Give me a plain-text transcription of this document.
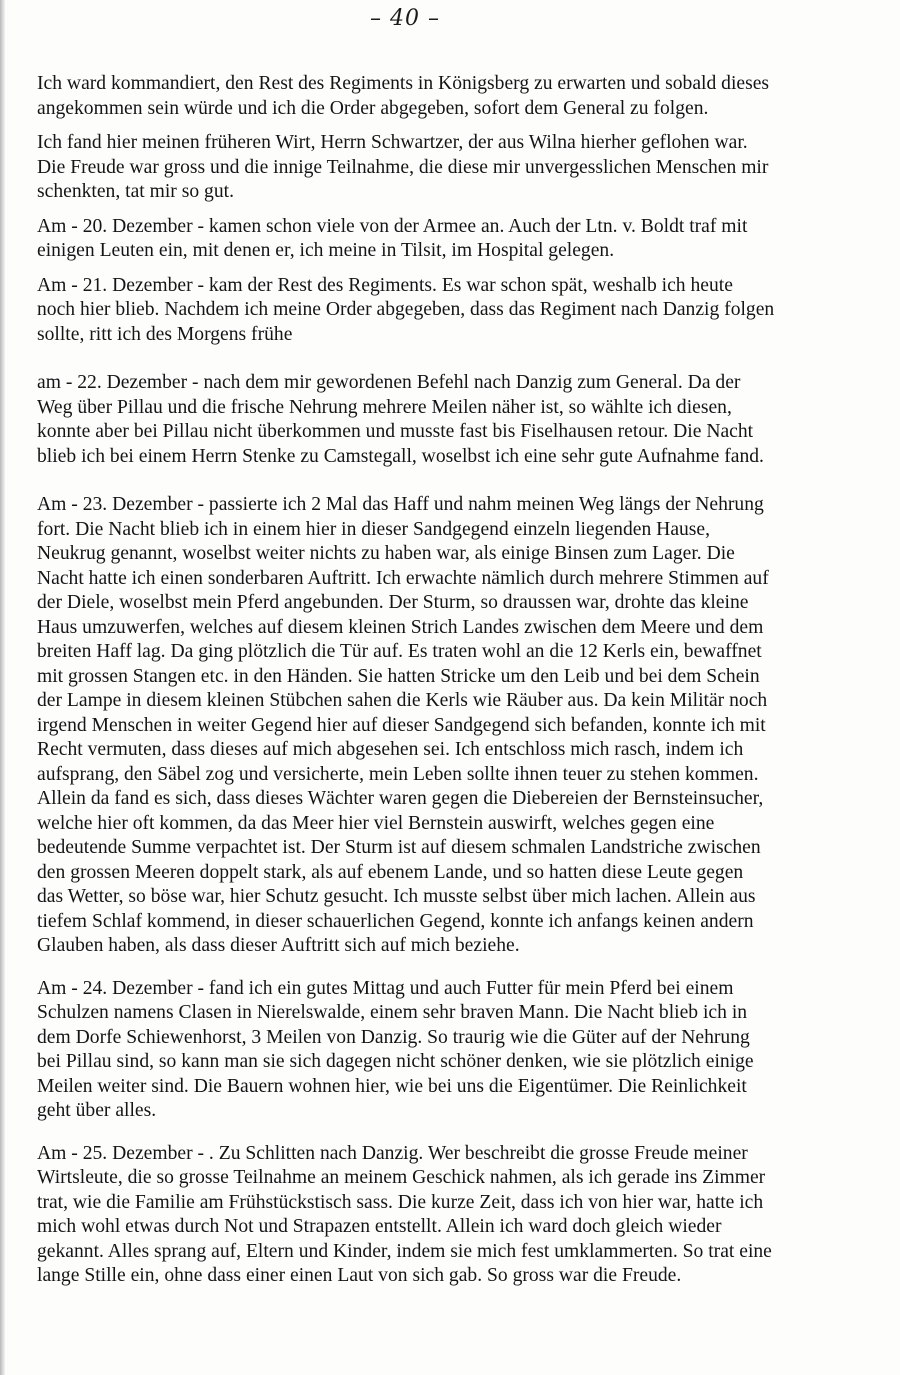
– 40 –

Ich ward kommandiert, den Rest des Regiments in Königsberg zu erwarten und sobald dieses
angekommen sein würde und ich die Order abgegeben, sofort dem General zu folgen.

Ich fand hier meinen früheren Wirt, Herrn Schwartzer, der aus Wilna hierher geflohen war.
Die Freude war gross und die innige Teilnahme, die diese mir unvergesslichen Menschen mir
schenkten, tat mir so gut.

Am - 20. Dezember - kamen schon viele von der Armee an. Auch der Ltn. v. Boldt traf mit
einigen Leuten ein, mit denen er, ich meine in Tilsit, im Hospital gelegen.

Am - 21. Dezember - kam der Rest des Regiments. Es war schon spät, weshalb ich heute
noch hier blieb. Nachdem ich meine Order abgegeben, dass das Regiment nach Danzig folgen
sollte, ritt ich des Morgens frühe

am - 22. Dezember - nach dem mir gewordenen Befehl nach Danzig zum General. Da der
Weg über Pillau und die frische Nehrung mehrere Meilen näher ist, so wählte ich diesen,
konnte aber bei Pillau nicht überkommen und musste fast bis Fiselhausen retour. Die Nacht
blieb ich bei einem Herrn Stenke zu Camstegall, woselbst ich eine sehr gute Aufnahme fand.

Am - 23. Dezember - passierte ich 2 Mal das Haff und nahm meinen Weg längs der Nehrung
fort. Die Nacht blieb ich in einem hier in dieser Sandgegend einzeln liegenden Hause,
Neukrug genannt, woselbst weiter nichts zu haben war, als einige Binsen zum Lager. Die
Nacht hatte ich einen sonderbaren Auftritt. Ich erwachte nämlich durch mehrere Stimmen auf
der Diele, woselbst mein Pferd angebunden. Der Sturm, so draussen war, drohte das kleine
Haus umzuwerfen, welches auf diesem kleinen Strich Landes zwischen dem Meere und dem
breiten Haff lag. Da ging plötzlich die Tür auf. Es traten wohl an die 12 Kerls ein, bewaffnet
mit grossen Stangen etc. in den Händen. Sie hatten Stricke um den Leib und bei dem Schein
der Lampe in diesem kleinen Stübchen sahen die Kerls wie Räuber aus. Da kein Militär noch
irgend Menschen in weiter Gegend hier auf dieser Sandgegend sich befanden, konnte ich mit
Recht vermuten, dass dieses auf mich abgesehen sei. Ich entschloss mich rasch, indem ich
aufsprang, den Säbel zog und versicherte, mein Leben sollte ihnen teuer zu stehen kommen.
Allein da fand es sich, dass dieses Wächter waren gegen die Diebereien der Bernsteinsucher,
welche hier oft kommen, da das Meer hier viel Bernstein auswirft, welches gegen eine
bedeutende Summe verpachtet ist. Der Sturm ist auf diesem schmalen Landstriche zwischen
den grossen Meeren doppelt stark, als auf ebenem Lande, und so hatten diese Leute gegen
das Wetter, so böse war, hier Schutz gesucht. Ich musste selbst über mich lachen. Allein aus
tiefem Schlaf kommend, in dieser schauerlichen Gegend, konnte ich anfangs keinen andern
Glauben haben, als dass dieser Auftritt sich auf mich beziehe.

Am - 24. Dezember - fand ich ein gutes Mittag und auch Futter für mein Pferd bei einem
Schulzen namens Clasen in Nierelswalde, einem sehr braven Mann. Die Nacht blieb ich in
dem Dorfe Schiewenhorst, 3 Meilen von Danzig. So traurig wie die Güter auf der Nehrung
bei Pillau sind, so kann man sie sich dagegen nicht schöner denken, wie sie plötzlich einige
Meilen weiter sind. Die Bauern wohnen hier, wie bei uns die Eigentümer. Die Reinlichkeit
geht über alles.

Am - 25. Dezember - . Zu Schlitten nach Danzig. Wer beschreibt die grosse Freude meiner
Wirtsleute, die so grosse Teilnahme an meinem Geschick nahmen, als ich gerade ins Zimmer
trat, wie die Familie am Frühstückstisch sass. Die kurze Zeit, dass ich von hier war, hatte ich
mich wohl etwas durch Not und Strapazen entstellt. Allein ich ward doch gleich wieder
gekannt. Alles sprang auf, Eltern und Kinder, indem sie mich fest umklammerten. So trat eine
lange Stille ein, ohne dass einer einen Laut von sich gab. So gross war die Freude.
